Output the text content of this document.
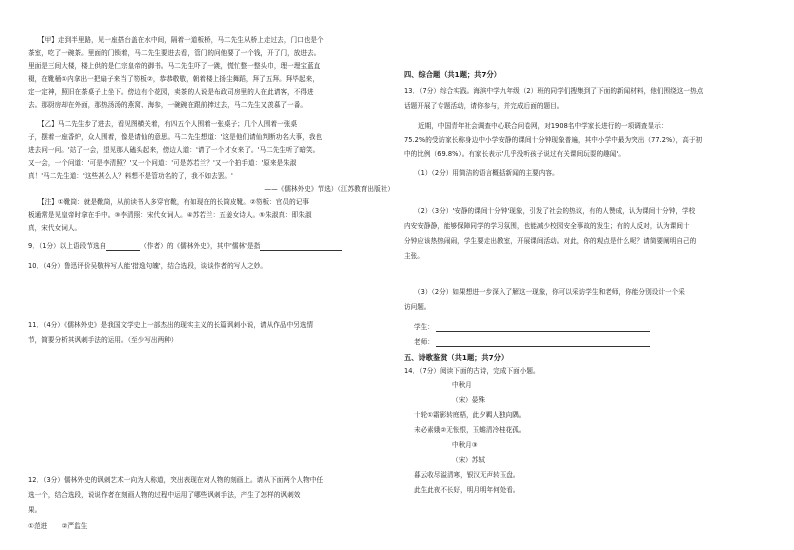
【甲】走到半里路，见一座搭台盖在水中间，隔着一道板桥，马二先生从桥上走过去，门口也是个
茶室，吃了一碗茶。里面的门锁着，马二先生要进去看，管门的问他要了一个钱，开了门，放进去。
里面是三间大楼，楼上供的是仁宗皇帝的御书。马二先生吓了一跳，慌忙整一整头巾，理一理宝蓝直
裰，在靴桶①内拿出一把扇子来当了笏板②，恭恭敬敬，朝着楼上扬尘舞蹈，拜了五拜。拜毕起来，
定一定神，照旧在茶桌子上坐下。傍边有个花园，卖茶的人说是布政司房里的人在此请客，不得进
去。那厨房却在外面，那热汤汤的燕窝、海参，一碗碗在跟前捧过去，马二先生又羡慕了一番。
【乙】马二先生步了进去，看见图横关着，有四五个人围着一张桌子；几个人围着一张桌
子，摆着一座香炉，众人围着，像是请仙的意思。马二先生想道：'这是他们请仙判断功名大事，我也
进去问一问。'站了一会，望见那人磕头起来，傍边人道：'请了一个才女来了。'马二先生听了暗笑。
又一会，一个问道：'可是李清照？'又一个问道：'可是苏若兰？'又一个拍手道：'原来是朱淑
真！'马二先生道：'这些甚么人？料想不是管功名的了，我不如去罢。'
——《儒林外史》节选）（江苏教育出版社）
【注】①靴筒：就是靴筒，从前读书人多穿官靴，有如现在的长筒皮靴。②笏板：官员的记事
板通常是见皇帝时拿在手中。③李清照：宋代女词人。④苏若兰：五姜女诗人。⑤朱淑真：即朱淑
真，宋代女词人。
9．（1分）以上语段节选自	（作者）的《儒林外史》，其中'儒林'是指
10．（4分）鲁迅评价吴敬梓写人能'措逸句魄'，结合选段，谈谈作者的写人之妙。
11．（4分）《儒林外史》是我国文学史上一部杰出的现实主义的长篇讽刺小说，请从作品中另选情
节，简要分析其讽刺手法的运用。（至少写出两种）
12．（3分）儒林外史的讽刺艺术一向为人称道，突出表现在对人物的刻画上。请从下面两个人物中任
选一个，结合选段，说说作者在刻画人物的过程中运用了哪些讽刺手法，产生了怎样的讽刺效
果。
①范进 ②严监生
四、综合题（共1题；共7分）
13．（7分）综合实践。海滨中学九年级（2）班的同学们搜集到了下面的新闻材料，他们围绕这一热点
话题开展了专题活动，请你参与，并完成后面的题目。
近期，中国青年社会调查中心联合问卷网，对1908名中学家长进行的一项调查显示：
75.2%的受访家长称身边中小学安静的课间十分钟现象普遍，其中小学中最为突出（77.2%），高于初
中的比例（69.8%）。有家长表示'几乎没听孩子说过有关课间玩耍的趣闻'。
（1）（2分）用简洁的语言概括新闻的主要内容。
（2）（3分）'安静的课间十分钟'现象，引发了社会的热议，有的人赞成，认为课间十分钟，学校
内安安静静，能够保障同学的学习氛围，也能减少校园安全事故的发生；有的人反对，认为课间十
分钟应该热热闹闹，学生要走出教室，开展课间活动。对此，你的观点是什么呢？请简要阐明自己的
主张。
（3）（2分）如果想进一步深入了解这一现象，你可以采访学生和老师，你能分别设计一个采
访问题。
学生：
老师：
五、诗歌鉴赏（共1题；共7分）
14．（7分）阅读下面的古诗，完成下面小题。
中秋月
（宋）晏殊
十轮①霜影转庭梧，此夕羁人独向隅。
未必素娥②无怅恨，玉蟾清冷桂花孤。
中秋月③
（宋）苏轼
暮云收尽溢清寒，银汉无声转玉盘。
此生此夜不长好，明月明年何处看。
